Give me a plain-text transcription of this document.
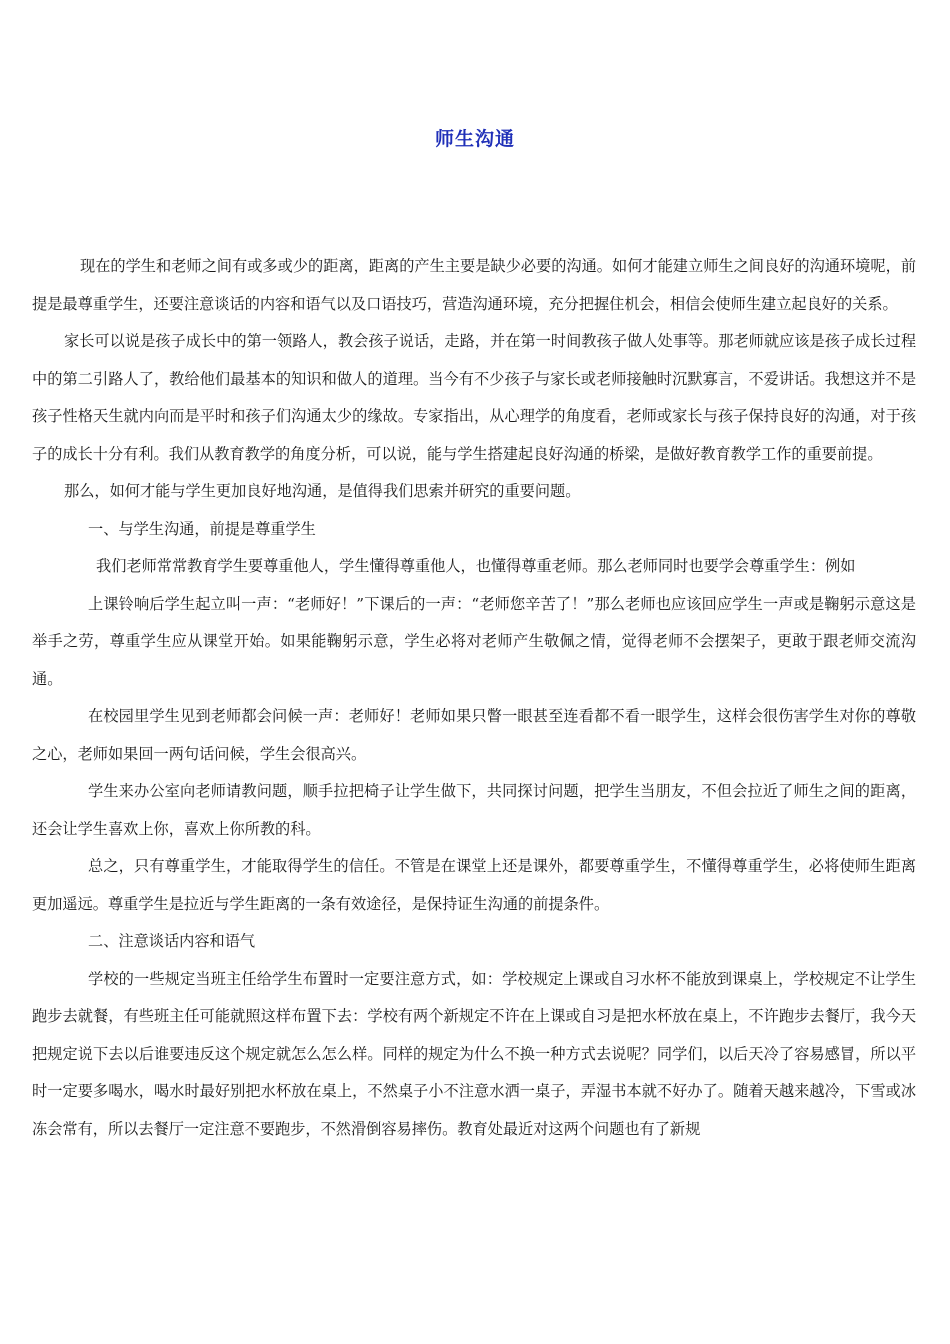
师生沟通

现在的学生和老师之间有或多或少的距离，距离的产生主要是缺少必要的沟通。如何才能建立师生之间良好的沟通环境呢，前提是最尊重学生，还要注意谈话的内容和语气以及口语技巧，营造沟通环境，充分把握住机会，相信会使师生建立起良好的关系。

家长可以说是孩子成长中的第一领路人，教会孩子说话，走路，并在第一时间教孩子做人处事等。那老师就应该是孩子成长过程中的第二引路人了，教给他们最基本的知识和做人的道理。当今有不少孩子与家长或老师接触时沉默寡言，不爱讲话。我想这并不是孩子性格天生就内向而是平时和孩子们沟通太少的缘故。专家指出，从心理学的角度看，老师或家长与孩子保持良好的沟通，对于孩子的成长十分有利。我们从教育教学的角度分析，可以说，能与学生搭建起良好沟通的桥梁，是做好教育教学工作的重要前提。

那么，如何才能与学生更加良好地沟通，是值得我们思索并研究的重要问题。

一、与学生沟通，前提是尊重学生

我们老师常常教育学生要尊重他人，学生懂得尊重他人，也懂得尊重老师。那么老师同时也要学会尊重学生：例如

上课铃响后学生起立叫一声：“老师好！”下课后的一声：“老师您辛苦了！”那么老师也应该回应学生一声或是鞠躬示意这是举手之劳，尊重学生应从课堂开始。如果能鞠躬示意，学生必将对老师产生敬佩之情，觉得老师不会摆架子，更敢于跟老师交流沟通。

在校园里学生见到老师都会问候一声：老师好！老师如果只瞥一眼甚至连看都不看一眼学生，这样会很伤害学生对你的尊敬之心，老师如果回一两句话问候，学生会很高兴。

学生来办公室向老师请教问题，顺手拉把椅子让学生做下，共同探讨问题，把学生当朋友，不但会拉近了师生之间的距离，还会让学生喜欢上你，喜欢上你所教的科。

总之，只有尊重学生，才能取得学生的信任。不管是在课堂上还是课外，都要尊重学生，不懂得尊重学生，必将使师生距离更加遥远。尊重学生是拉近与学生距离的一条有效途径，是保持证生沟通的前提条件。

二、注意谈话内容和语气

学校的一些规定当班主任给学生布置时一定要注意方式，如：学校规定上课或自习水杯不能放到课桌上，学校规定不让学生跑步去就餐，有些班主任可能就照这样布置下去：学校有两个新规定不许在上课或自习是把水杯放在桌上，不许跑步去餐厅，我今天把规定说下去以后谁要违反这个规定就怎么怎么样。同样的规定为什么不换一种方式去说呢？同学们，以后天冷了容易感冒，所以平时一定要多喝水，喝水时最好别把水杯放在桌上，不然桌子小不注意水洒一桌子，弄湿书本就不好办了。随着天越来越冷，下雪或冰冻会常有，所以去餐厅一定注意不要跑步，不然滑倒容易摔伤。教育处最近对这两个问题也有了新规
